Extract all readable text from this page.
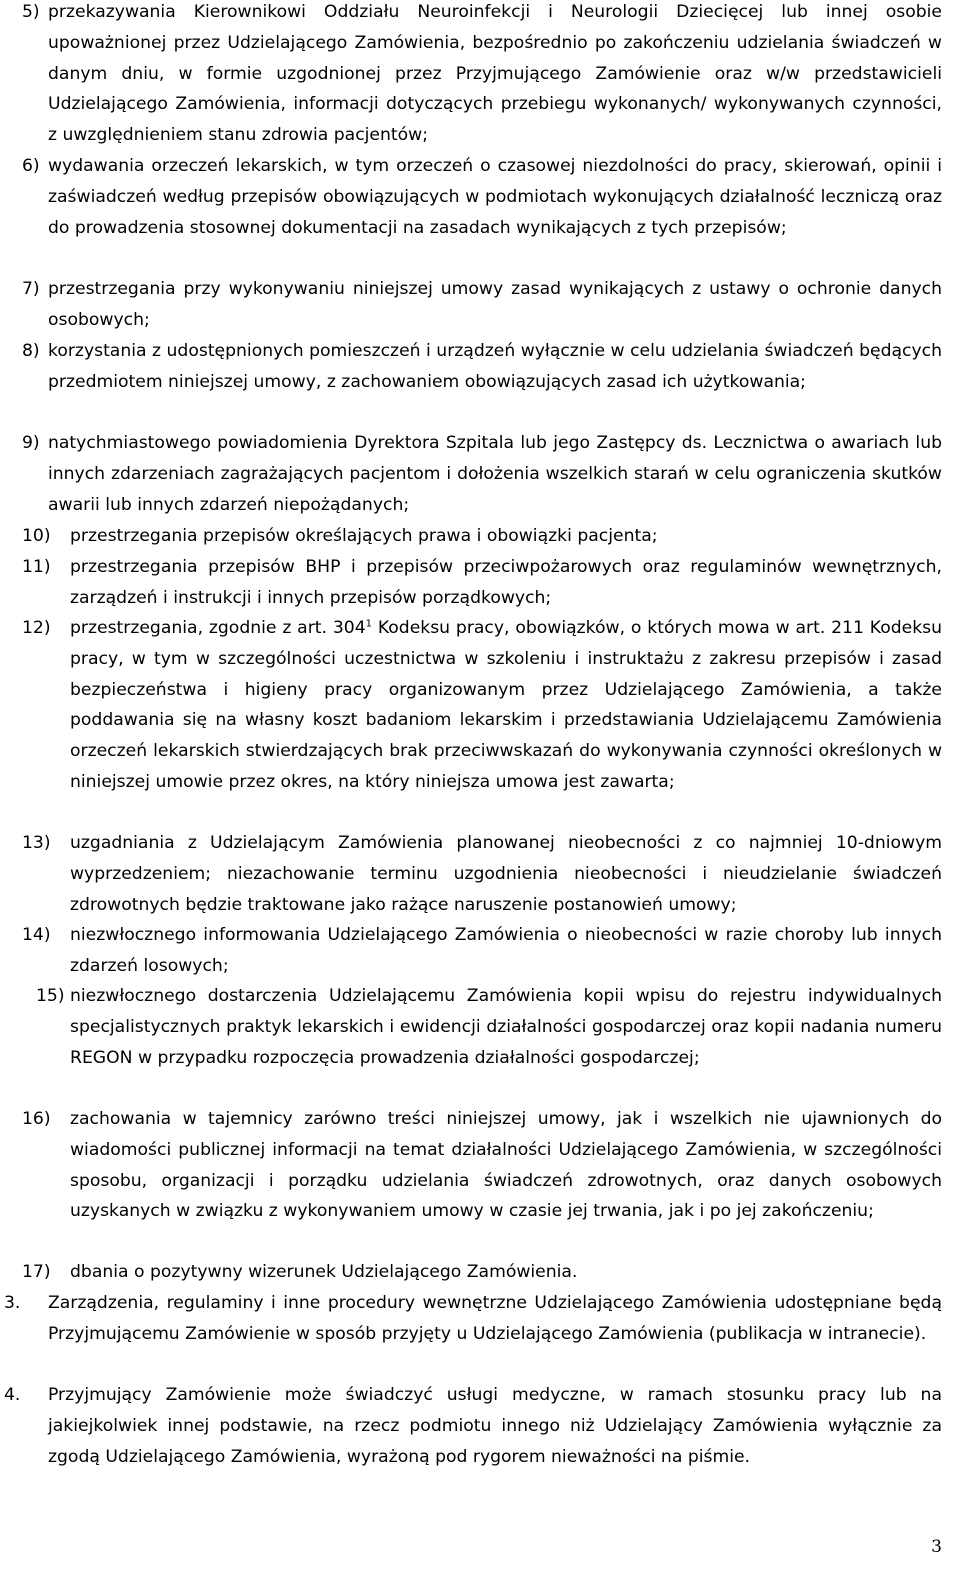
5) przekazywania Kierownikowi Oddziału Neuroinfekcji i Neurologii Dziecięcej lub innej osobie upoważnionej przez Udzielającego Zamówienia, bezpośrednio po zakończeniu udzielania świadczeń w danym dniu, w formie uzgodnionej przez Przyjmującego Zamówienie oraz w/w przedstawicieli Udzielającego Zamówienia, informacji dotyczących przebiegu wykonanych/ wykonywanych czynności, z uwzględnieniem stanu zdrowia pacjentów;
6) wydawania orzeczeń lekarskich, w tym orzeczeń o czasowej niezdolności do pracy, skierowań, opinii i zaświadczeń według przepisów obowiązujących w podmiotach wykonujących działalność leczniczą oraz do prowadzenia stosownej dokumentacji na zasadach wynikających z tych przepisów;
7) przestrzegania przy wykonywaniu niniejszej umowy zasad wynikających z ustawy o ochronie danych osobowych;
8) korzystania z udostępnionych pomieszczeń i urządzeń wyłącznie w celu udzielania świadczeń będących przedmiotem niniejszej umowy, z zachowaniem obowiązujących zasad ich użytkowania;
9) natychmiastowego powiadomienia Dyrektora Szpitala lub jego Zastępcy ds. Lecznictwa o awariach lub innych zdarzeniach zagrażających pacjentom i dołożenia wszelkich starań w celu ograniczenia skutków awarii lub innych zdarzeń niepożądanych;
10) przestrzegania przepisów określających prawa i obowiązki pacjenta;
11) przestrzegania przepisów BHP i przepisów przeciwpożarowych oraz regulaminów wewnętrznych, zarządzeń i instrukcji i innych przepisów porządkowych;
12) przestrzegania, zgodnie z art. $304^1$ Kodeksu pracy, obowiązków, o których mowa w art. 211 Kodeksu pracy, w tym w szczególności uczestnictwa w szkoleniu i instruktażu z zakresu przepisów i zasad bezpieczeństwa i higieny pracy organizowanym przez Udzielającego Zamówienia, a także poddawania się na własny koszt badaniom lekarskim i przedstawiania Udzielającemu Zamówienia orzeczeń lekarskich stwierdzających brak przeciwwskazań do wykonywania czynności określonych w niniejszej umowie przez okres, na który niniejsza umowa jest zawarta;
13) uzgadniania z Udzielającym Zamówienia planowanej nieobecności z co najmniej 10-dniowym wyprzedzeniem; niezachowanie terminu uzgodnienia nieobecności i nieudzielanie świadczeń zdrowotnych będzie traktowane jako rażące naruszenie postanowień umowy;
14) niezwłocznego informowania Udzielającego Zamówienia o nieobecności w razie choroby lub innych zdarzeń losowych;
15) niezwłocznego dostarczenia Udzielającemu Zamówienia kopii wpisu do rejestru indywidualnych specjalistycznych praktyk lekarskich i ewidencji działalności gospodarczej oraz kopii nadania numeru REGON w przypadku rozpoczęcia prowadzenia działalności gospodarczej;
16) zachowania w tajemnicy zarówno treści niniejszej umowy, jak i wszelkich nie ujawnionych do wiadomości publicznej informacji na temat działalności Udzielającego Zamówienia, w szczególności sposobu, organizacji i porządku udzielania świadczeń zdrowotnych, oraz danych osobowych uzyskanych w związku z wykonywaniem umowy w czasie jej trwania, jak i po jej zakończeniu;
17) dbania o pozytywny wizerunek Udzielającego Zamówienia.
3. Zarządzenia, regulaminy i inne procedury wewnętrzne Udzielającego Zamówienia udostępniane będą Przyjmującemu Zamówienie w sposób przyjęty u Udzielającego Zamówienia (publikacja w intranecie).
4. Przyjmujący Zamówienie może świadczyć usługi medyczne, w ramach stosunku pracy lub na jakiejkolwiek innej podstawie, na rzecz podmiotu innego niż Udzielający Zamówienia wyłącznie za zgodą Udzielającego Zamówienia, wyrażoną pod rygorem nieważności na piśmie.
3
